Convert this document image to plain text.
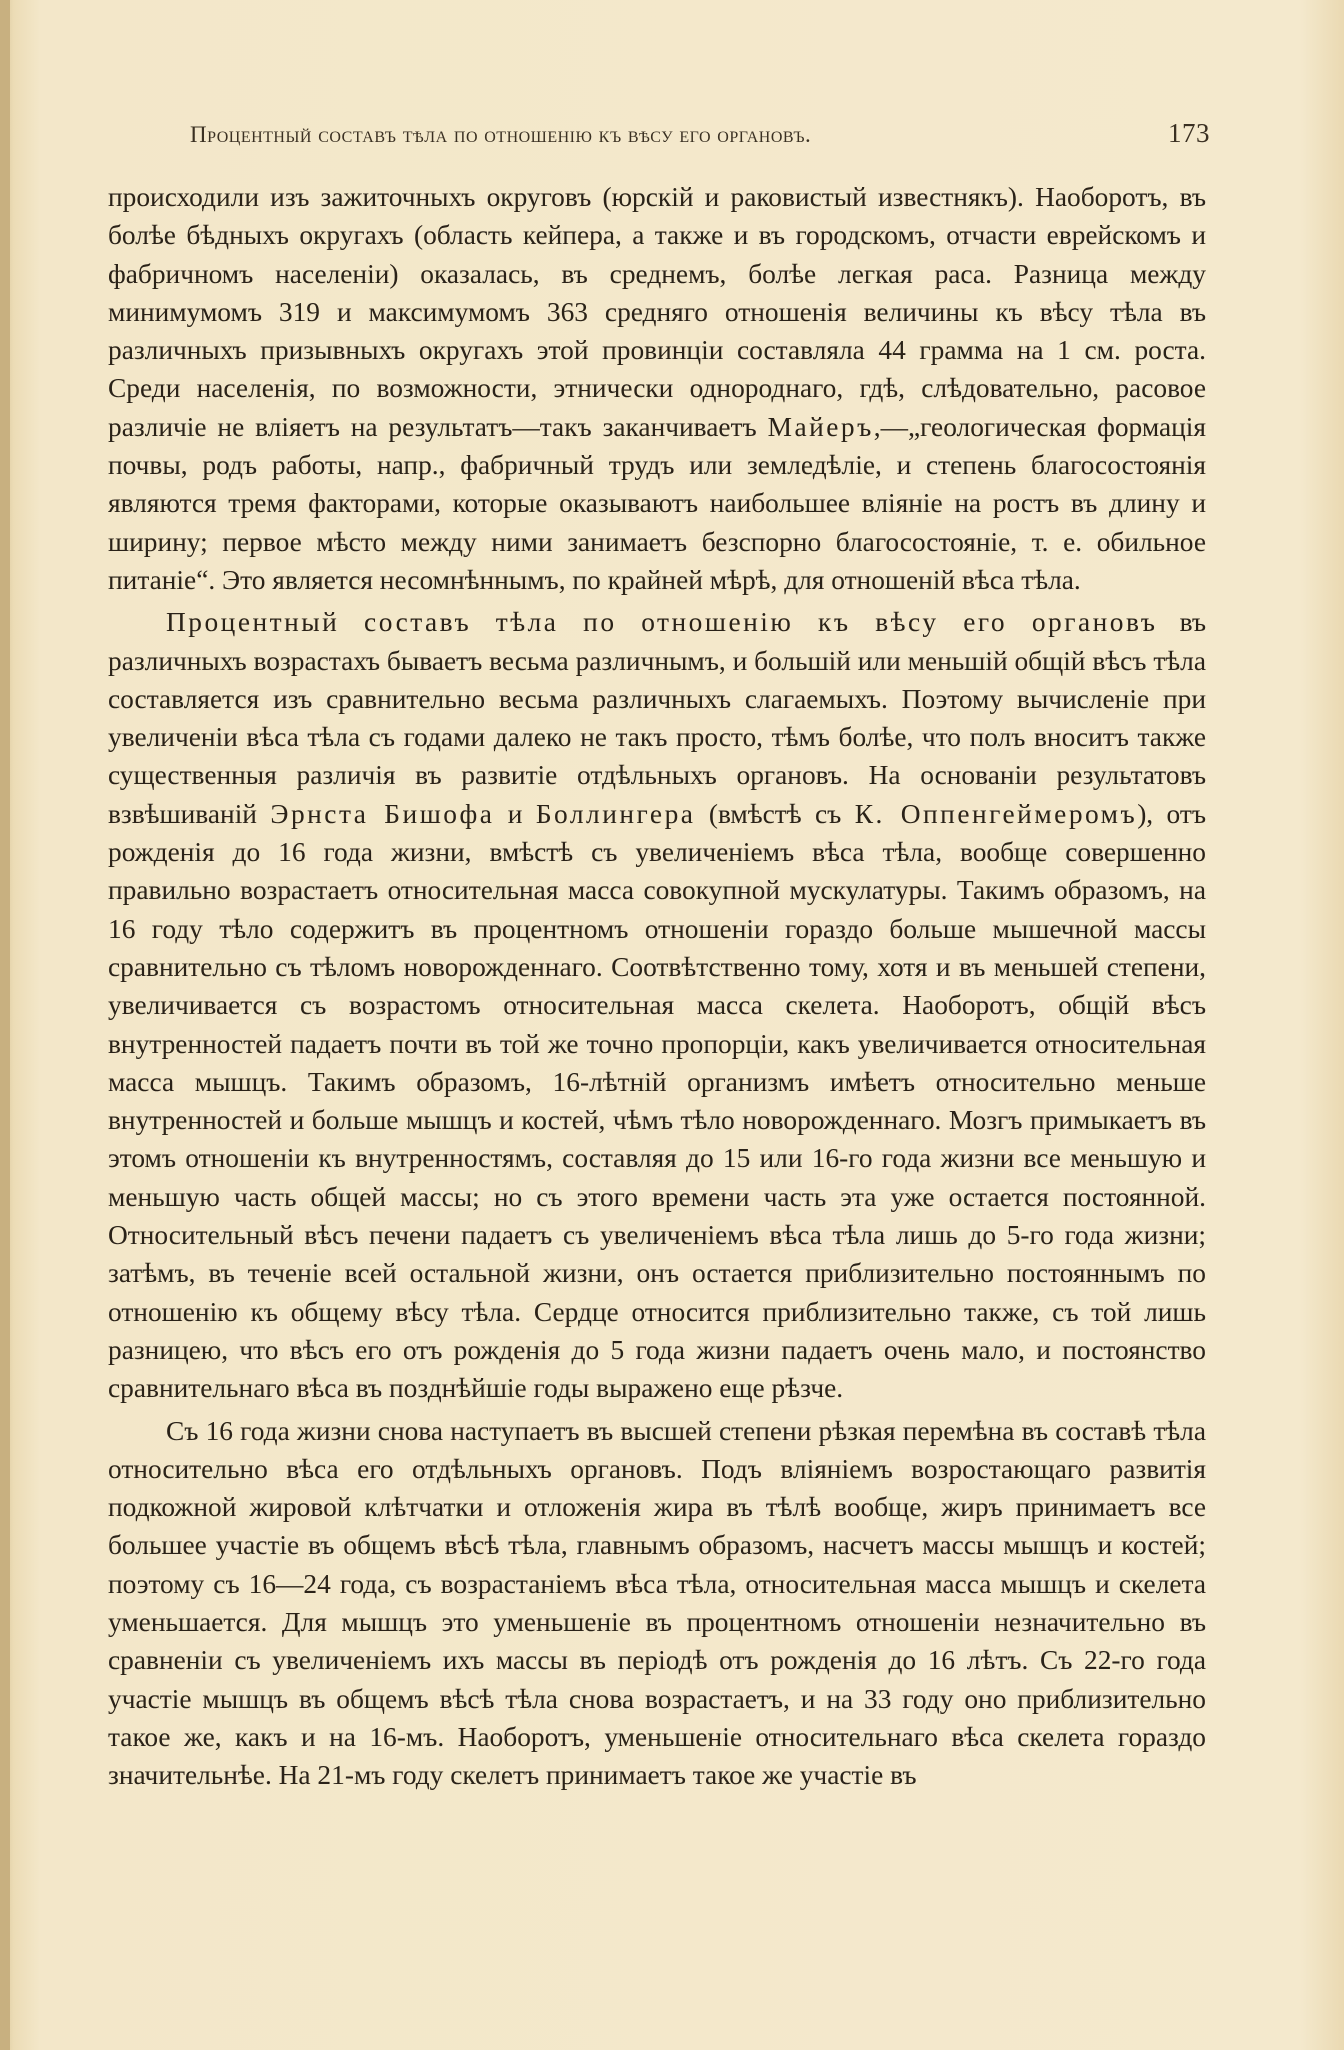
Процентный составъ тѣла по отношенію къ вѣсу его органовъ.	173

происходили изъ зажиточныхъ округовъ (юрскій и раковистый известнякъ). Наоборотъ, въ болѣе бѣдныхъ округахъ (область кейпера, а также и въ городскомъ, отчасти еврейскомъ и фабричномъ населеніи) оказалась, въ среднемъ, болѣе легкая раса. Разница между минимумомъ 319 и максимумомъ 363 средняго отношенія величины къ вѣсу тѣла въ различныхъ призывныхъ округахъ этой провинціи составляла 44 грамма на 1 см. роста. Среди населенія, по возможности, этнически однороднаго, гдѣ, слѣдовательно, расовое различіе не вліяетъ на результатъ—такъ заканчиваетъ Майеръ,—„геологическая формація почвы, родъ работы, напр., фабричный трудъ или земледѣліе, и степень благосостоянія являются тремя факторами, которые оказываютъ наибольшее вліяніе на ростъ въ длину и ширину; первое мѣсто между ними занимаетъ безспорно благосостояніе, т. е. обильное питаніе“. Это является несомнѣннымъ, по крайней мѣрѣ, для отношеній вѣса тѣла.

Процентный составъ тѣла по отношенію къ вѣсу его органовъ въ различныхъ возрастахъ бываетъ весьма различнымъ, и большій или меньшій общій вѣсъ тѣла составляется изъ сравнительно весьма различныхъ слагаемыхъ. Поэтому вычисленіе при увеличеніи вѣса тѣла съ годами далеко не такъ просто, тѣмъ болѣе, что полъ вноситъ также существенныя различія въ развитіе отдѣльныхъ органовъ. На основаніи результатовъ взвѣшиваній Эрнста Бишофа и Боллингера (вмѣстѣ съ К. Оппенгеймеромъ), отъ рожденія до 16 года жизни, вмѣстѣ съ увеличеніемъ вѣса тѣла, вообще совершенно правильно возрастаетъ относительная масса совокупной мускулатуры. Такимъ образомъ, на 16 году тѣло содержитъ въ процентномъ отношеніи гораздо больше мышечной массы сравнительно съ тѣломъ новорожденнаго. Соотвѣтственно тому, хотя и въ меньшей степени, увеличивается съ возрастомъ относительная масса скелета. Наоборотъ, общій вѣсъ внутренностей падаетъ почти въ той же точно пропорціи, какъ увеличивается относительная масса мышцъ. Такимъ образомъ, 16-лѣтній организмъ имѣетъ относительно меньше внутренностей и больше мышцъ и костей, чѣмъ тѣло новорожденнаго. Мозгъ примыкаетъ въ этомъ отношеніи къ внутренностямъ, составляя до 15 или 16-го года жизни все меньшую и меньшую часть общей массы; но съ этого времени часть эта уже остается постоянной. Относительный вѣсъ печени падаетъ съ увеличеніемъ вѣса тѣла лишь до 5-го года жизни; затѣмъ, въ теченіе всей остальной жизни, онъ остается приблизительно постояннымъ по отношенію къ общему вѣсу тѣла. Сердце относится приблизительно также, съ той лишь разницею, что вѣсъ его отъ рожденія до 5 года жизни падаетъ очень мало, и постоянство сравнительнаго вѣса въ позднѣйшіе годы выражено еще рѣзче.

Съ 16 года жизни снова наступаетъ въ высшей степени рѣзкая перемѣна въ составѣ тѣла относительно вѣса его отдѣльныхъ органовъ. Подъ вліяніемъ возростающаго развитія подкожной жировой клѣтчатки и отложенія жира въ тѣлѣ вообще, жиръ принимаетъ все большее участіе въ общемъ вѣсѣ тѣла, главнымъ образомъ, насчетъ массы мышцъ и костей; поэтому съ 16—24 года, съ возрастаніемъ вѣса тѣла, относительная масса мышцъ и скелета уменьшается. Для мышцъ это уменьшеніе въ процентномъ отношеніи незначительно въ сравненіи съ увеличеніемъ ихъ массы въ періодѣ отъ рожденія до 16 лѣтъ. Съ 22-го года участіе мышцъ въ общемъ вѣсѣ тѣла снова возрастаетъ, и на 33 году оно приблизительно такое же, какъ и на 16-мъ. Наоборотъ, уменьшеніе относительнаго вѣса скелета гораздо значительнѣе. На 21-мъ году скелетъ принимаетъ такое же участіе въ
